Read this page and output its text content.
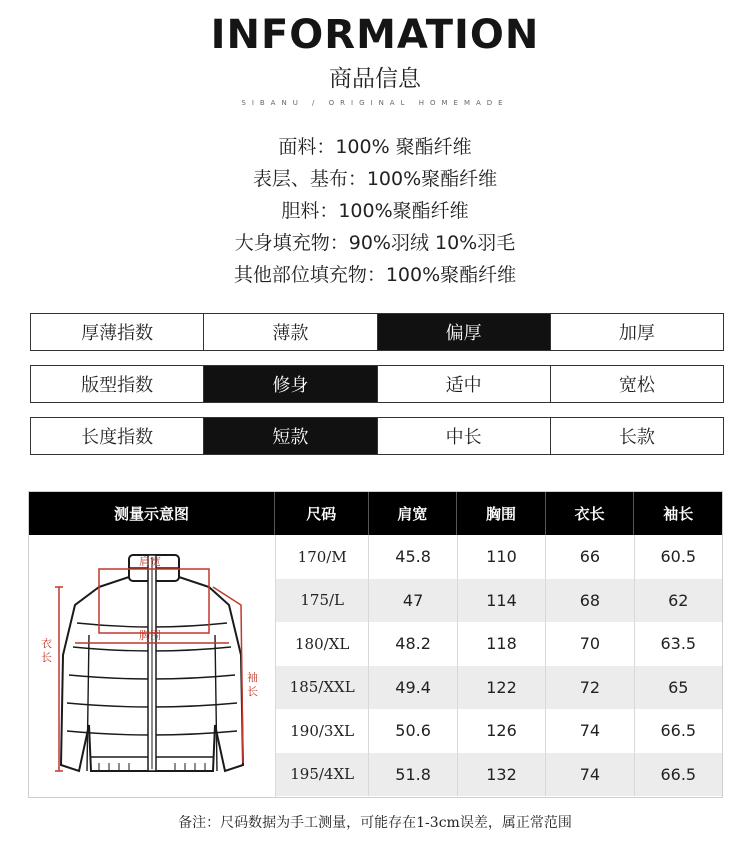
INFORMATION
商品信息
SIBANU / ORIGINAL HOMEMADE
面料：100% 聚酯纤维
表层、基布：100%聚酯纤维
胆料：100%聚酯纤维
大身填充物：90%羽绒 10%羽毛
其他部位填充物：100%聚酯纤维
厚薄指数	薄款	偏厚	加厚
版型指数	修身	适中	宽松
长度指数	短款	中长	长款
测量示意图	尺码	肩宽	胸围	衣长	袖长
肩宽
胸围
衣
长
袖
长
170/M	45.8	110	66	60.5
175/L	47	114	68	62
180/XL	48.2	118	70	63.5
185/XXL	49.4	122	72	65
190/3XL	50.6	126	74	66.5
195/4XL	51.8	132	74	66.5
备注：尺码数据为手工测量，可能存在1-3cm误差，属正常范围
